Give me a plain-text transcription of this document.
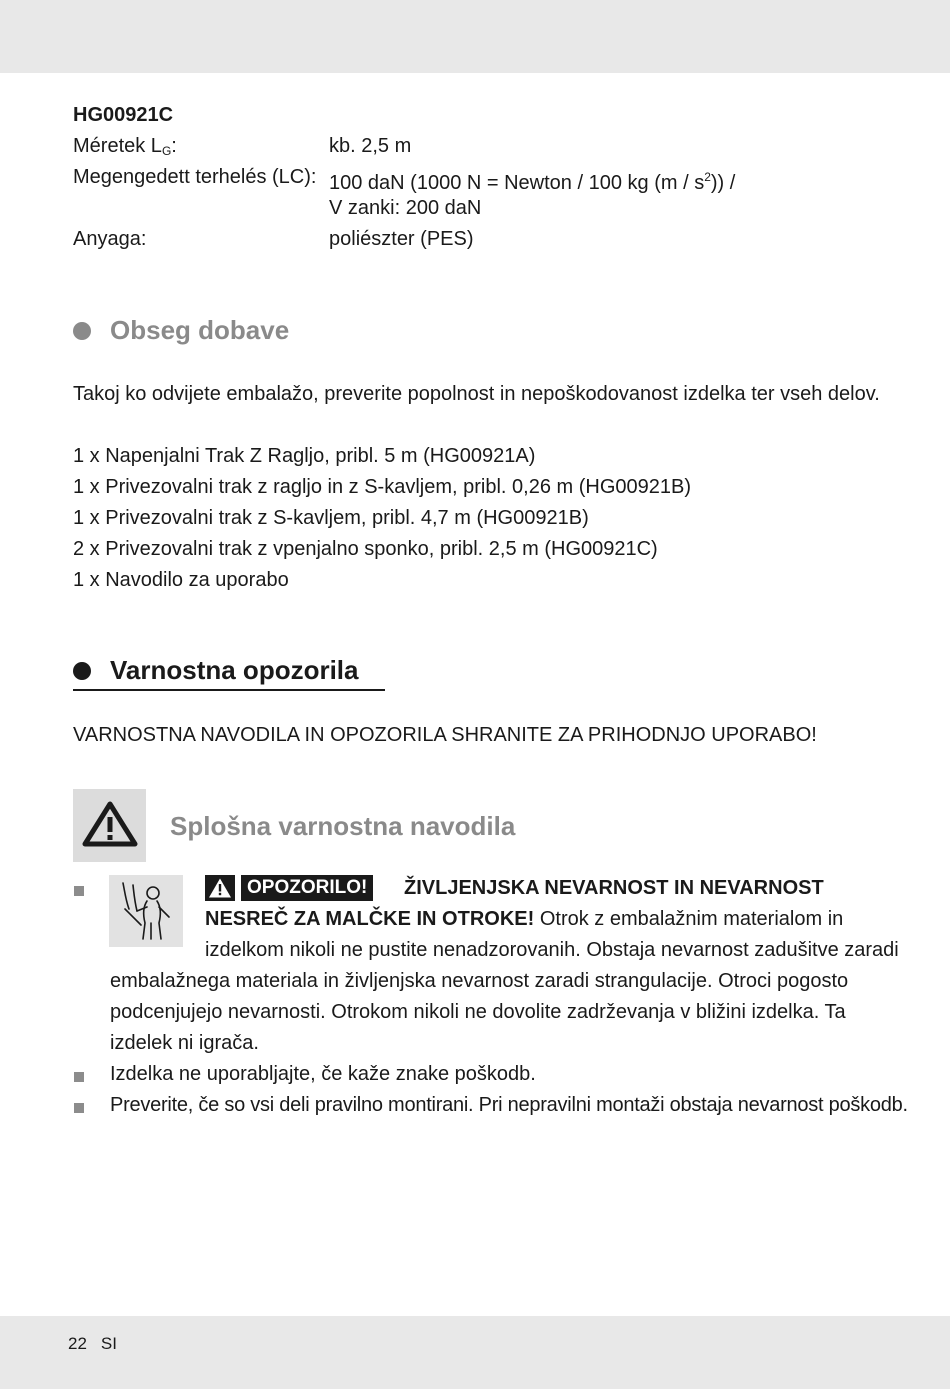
HG00921C
Méretek $L_G$:	kb. 2,5 m
Megengedett terhelés (LC): 100 daN (1000 N = Newton / 100 kg $(m / s^2)$) /
V zanki: 200 daN
Anyaga:	poliészter (PES)
Obseg dobave
Takoj ko odvijete embalažo, preverite popolnost in nepoškodovanost izdelka ter vseh delov.
1 x Napenjalni Trak Z Ragljo, pribl. 5 m (HG00921A)
1 x Privezovalni trak z ragljo in z S-kavljem, pribl. 0,26 m (HG00921B)
1 x Privezovalni trak z S-kavljem, pribl. 4,7 m (HG00921B)
2 x Privezovalni trak z vpenjalno sponko, pribl. 2,5 m (HG00921C)
1 x Navodilo za uporabo
Varnostna opozorila
VARNOSTNA NAVODILA IN OPOZORILA SHRANITE ZA PRIHODNJO UPORABO!
Splošna varnostna navodila
OPOZORILO!	ŽIVLJENJSKA NEVARNOST IN NEVARNOST
NESREČ ZA MALČKE IN OTROKE! Otrok z embalažnim materialom in
izdelkom nikoli ne pustite nenadzorovanih. Obstaja nevarnost zadušitve zaradi
embalažnega materiala in življenjska nevarnost zaradi strangulacije. Otroci pogosto
podcenjujejo nevarnosti. Otrokom nikoli ne dovolite zadrževanja v bližini izdelka. Ta
izdelek ni igrača.
Izdelka ne uporabljajte, če kaže znake poškodb.
Preverite, če so vsi deli pravilno montirani. Pri nepravilni montaži obstaja nevarnost poškodb.
22 SI
